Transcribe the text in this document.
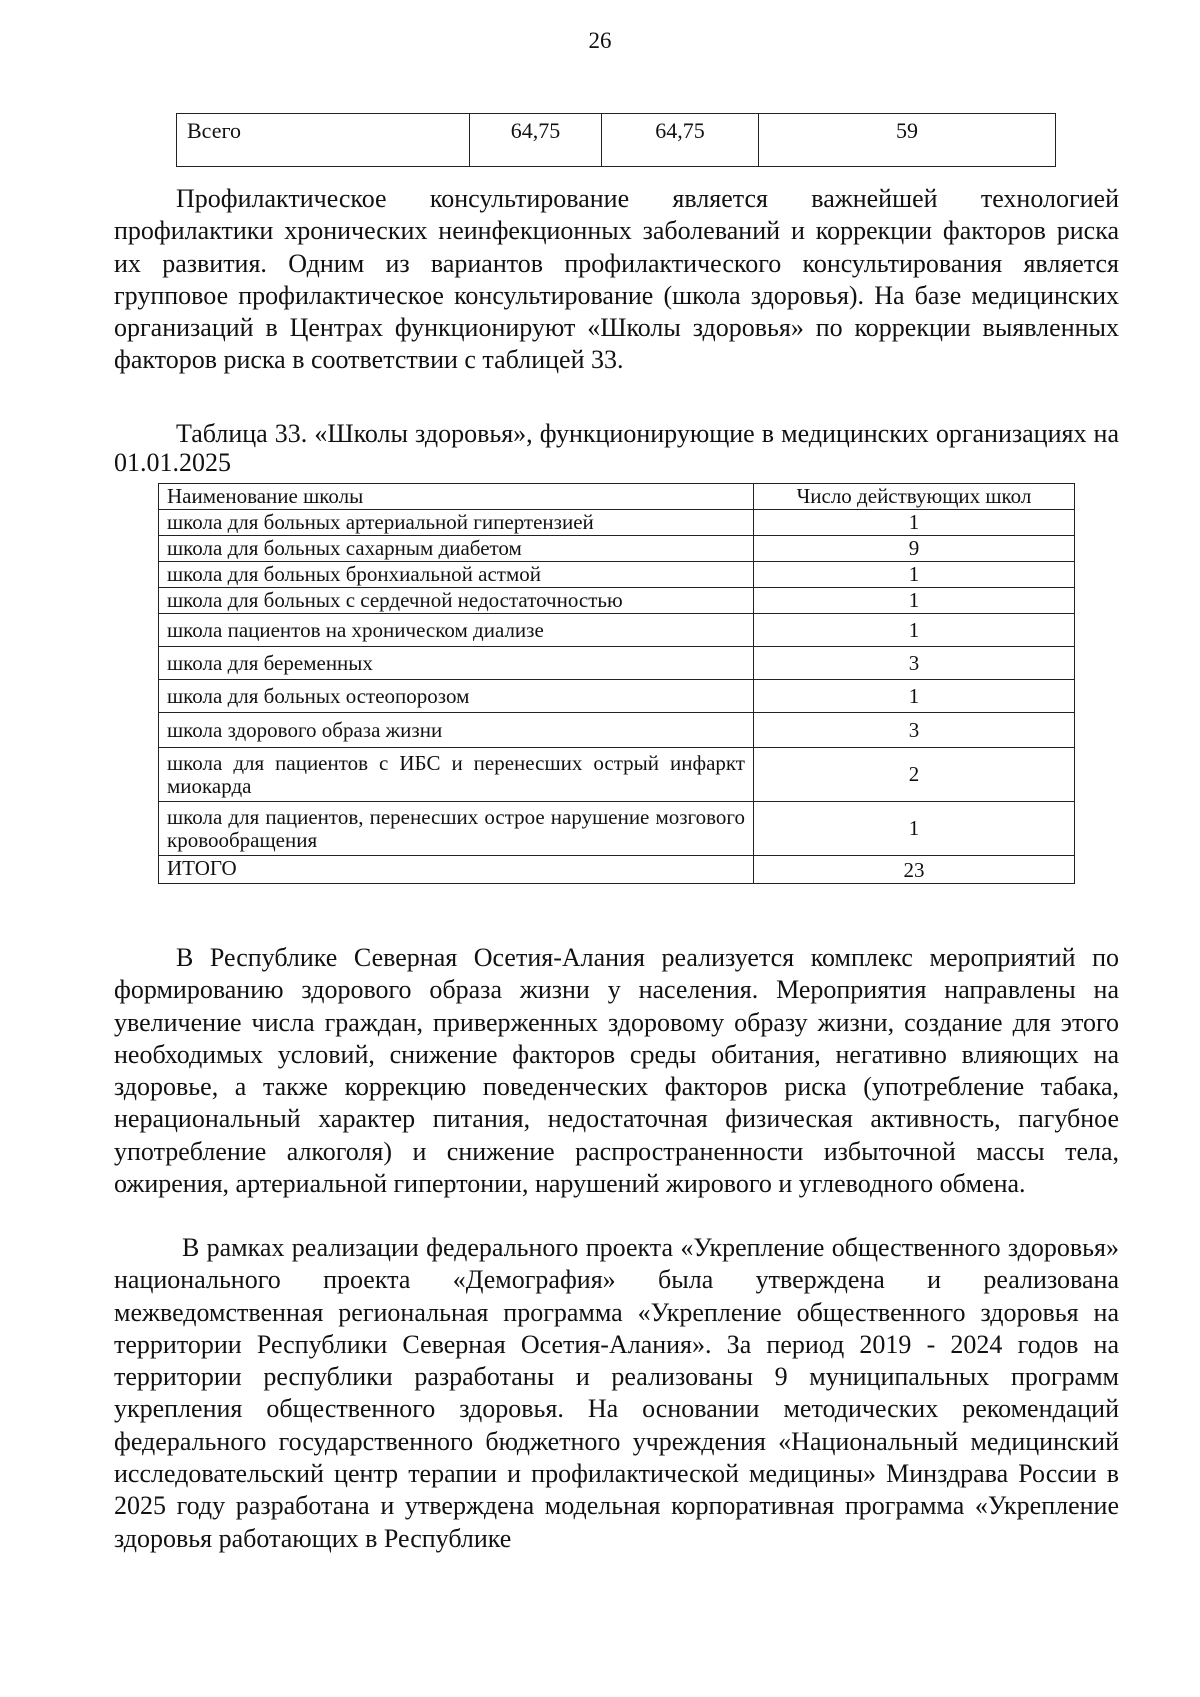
26
Всего	64,75	64,75	59

Профилактическое консультирование является важнейшей технологией профилактики хронических неинфекционных заболеваний и коррекции факторов риска их развития. Одним из вариантов профилактического консультирования является групповое профилактическое консультирование (школа здоровья). На базе медицинских организаций в Центрах функционируют «Школы здоровья» по коррекции выявленных факторов риска в соответствии с таблицей 33.

Таблица 33. «Школы здоровья», функционирующие в медицинских организациях на 01.01.2025

Наименование школы	Число действующих школ
школа для больных артериальной гипертензией	1
школа для больных сахарным диабетом	9
школа для больных бронхиальной астмой	1
школа для больных с сердечной недостаточностью	1
школа пациентов на хроническом диализе	1
школа для беременных	3
школа для больных остеопорозом	1
школа здорового образа жизни	3
школа для пациентов с ИБС и перенесших острый инфаркт миокарда	2
школа для пациентов, перенесших острое нарушение мозгового кровообращения	1
ИТОГО	23

В Республике Северная Осетия-Алания реализуется комплекс мероприятий по формированию здорового образа жизни у населения. Мероприятия направлены на увеличение числа граждан, приверженных здоровому образу жизни, создание для этого необходимых условий, снижение факторов среды обитания, негативно влияющих на здоровье, а также коррекцию поведенческих факторов риска (употребление табака, нерациональный характер питания, недостаточная физическая активность, пагубное употребление алкоголя) и снижение распространенности избыточной массы тела, ожирения, артериальной гипертонии, нарушений жирового и углеводного обмена.

В рамках реализации федерального проекта «Укрепление общественного здоровья» национального проекта «Демография» была утверждена и реализована межведомственная региональная программа «Укрепление общественного здоровья на территории Республики Северная Осетия-Алания». За период 2019 - 2024 годов на территории республики разработаны и реализованы 9 муниципальных программ укрепления общественного здоровья. На основании методических рекомендаций федерального государственного бюджетного учреждения «Национальный медицинский исследовательский центр терапии и профилактической медицины» Минздрава России в 2025 году разработана и утверждена модельная корпоративная программа «Укрепление здоровья работающих в Республике
